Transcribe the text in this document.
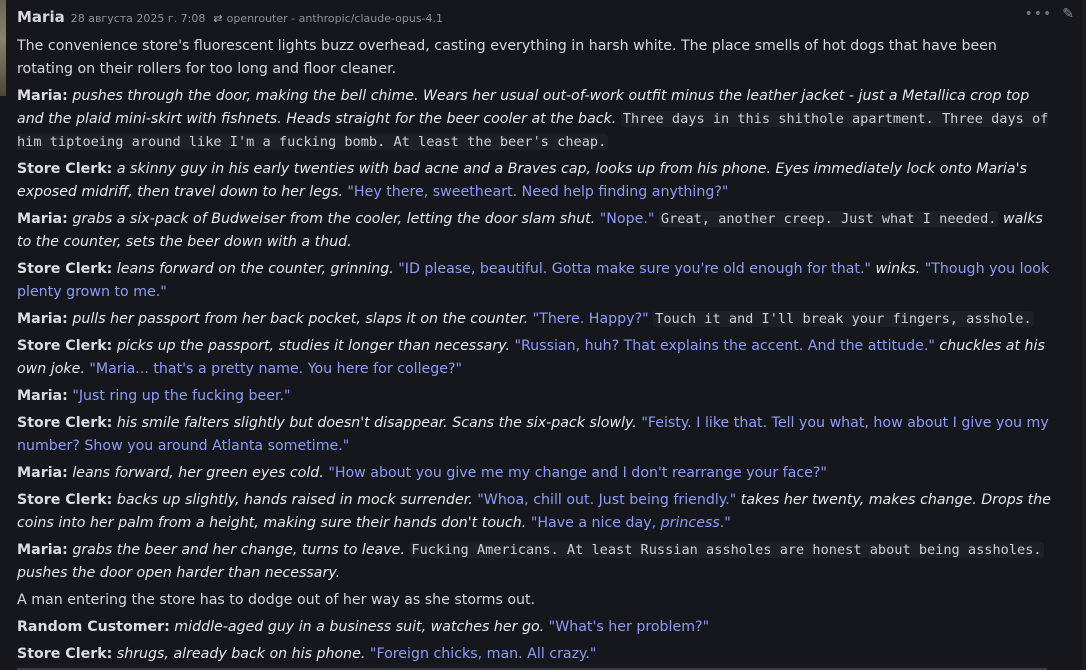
Maria 28 августа 2025 г. 7:08 ⇄ openrouter - anthropic/claude-opus-4.1	••• ✎

The convenience store's fluorescent lights buzz overhead, casting everything in harsh white. The place smells of hot dogs that have been rotating on their rollers for too long and floor cleaner.

Maria: pushes through the door, making the bell chime. Wears her usual out-of-work outfit minus the leather jacket - just a Metallica crop top and the plaid mini-skirt with fishnets. Heads straight for the beer cooler at the back. Three days in this shithole apartment. Three days of him tiptoeing around like I'm a fucking bomb. At least the beer's cheap.

Store Clerk: a skinny guy in his early twenties with bad acne and a Braves cap, looks up from his phone. Eyes immediately lock onto Maria's exposed midriff, then travel down to her legs. "Hey there, sweetheart. Need help finding anything?"

Maria: grabs a six-pack of Budweiser from the cooler, letting the door slam shut. "Nope." Great, another creep. Just what I needed. walks to the counter, sets the beer down with a thud.

Store Clerk: leans forward on the counter, grinning. "ID please, beautiful. Gotta make sure you're old enough for that." winks. "Though you look plenty grown to me."

Maria: pulls her passport from her back pocket, slaps it on the counter. "There. Happy?" Touch it and I'll break your fingers, asshole.

Store Clerk: picks up the passport, studies it longer than necessary. "Russian, huh? That explains the accent. And the attitude." chuckles at his own joke. "Maria... that's a pretty name. You here for college?"

Maria: "Just ring up the fucking beer."

Store Clerk: his smile falters slightly but doesn't disappear. Scans the six-pack slowly. "Feisty. I like that. Tell you what, how about I give you my number? Show you around Atlanta sometime."

Maria: leans forward, her green eyes cold. "How about you give me my change and I don't rearrange your face?"

Store Clerk: backs up slightly, hands raised in mock surrender. "Whoa, chill out. Just being friendly." takes her twenty, makes change. Drops the coins into her palm from a height, making sure their hands don't touch. "Have a nice day, princess."

Maria: grabs the beer and her change, turns to leave. Fucking Americans. At least Russian assholes are honest about being assholes. pushes the door open harder than necessary.

A man entering the store has to dodge out of her way as she storms out.

Random Customer: middle-aged guy in a business suit, watches her go. "What's her problem?"

Store Clerk: shrugs, already back on his phone. "Foreign chicks, man. All crazy."
